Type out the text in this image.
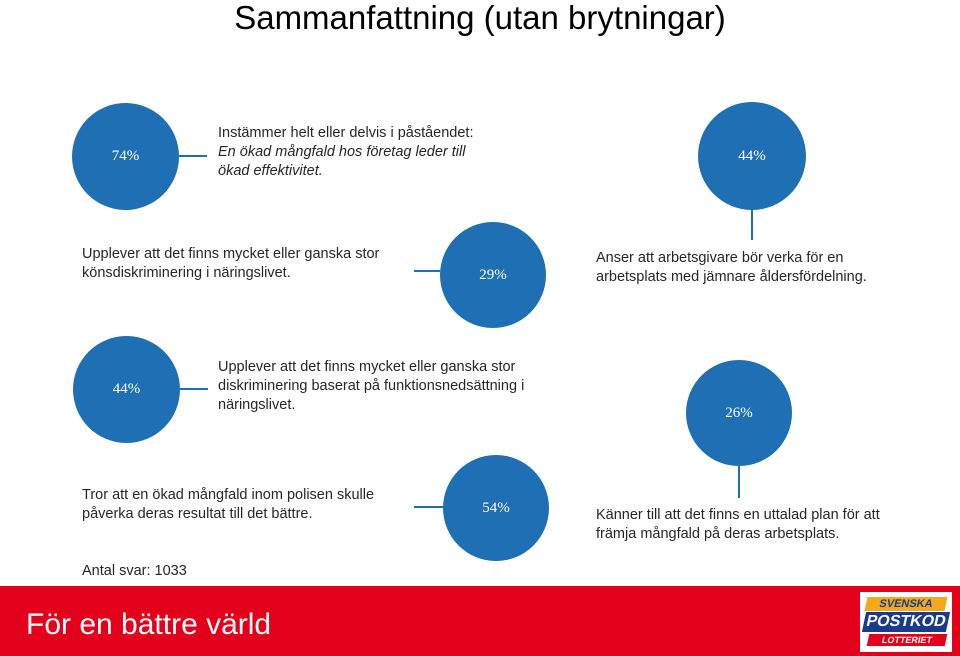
Sammanfattning (utan brytningar)
74%
Instämmer helt eller delvis i påståendet:
En ökad mångfald hos företag leder till
ökad effektivitet.
44%
Anser att arbetsgivare bör verka för en
arbetsplats med jämnare åldersfördelning.
29%
Upplever att det finns mycket eller ganska stor
könsdiskriminering i näringslivet.
44%
Upplever att det finns mycket eller ganska stor
diskriminering baserat på funktionsnedsättning i
näringslivet.	26%
Känner till att det finns en uttalad plan för att
främja mångfald på deras arbetsplats.
54%
Tror att en ökad mångfald inom polisen skulle
påverka deras resultat till det bättre.
Antal svar: 1033
För en bättre värld
SVENSKA
POSTKOD
LOTTERIET
